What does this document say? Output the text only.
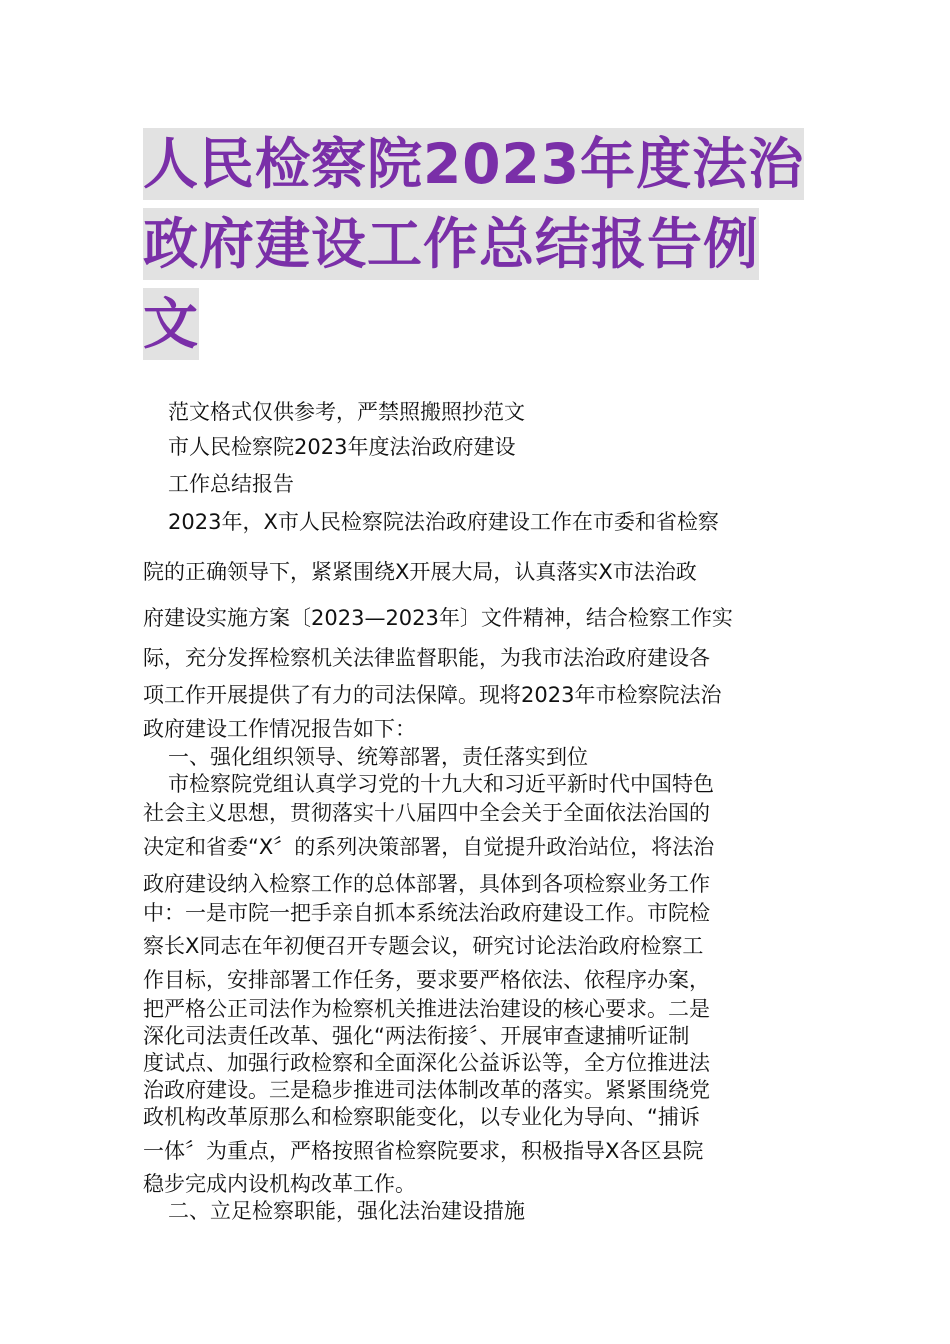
人民检察院2023年度法治
政府建设工作总结报告例
文
范文格式仅供参考，严禁照搬照抄范文
市人民检察院2023年度法治政府建设
工作总结报告
2023年，X市人民检察院法治政府建设工作在市委和省检察
院的正确领导下，紧紧围绕X开展大局，认真落实X市法治政
府建设实施方案〔2023—2023年〕文件精神，结合检察工作实
际，充分发挥检察机关法律监督职能，为我市法治政府建设各
项工作开展提供了有力的司法保障。现将2023年市检察院法治
政府建设工作情况报告如下：
一、强化组织领导、统筹部署，责任落实到位
市检察院党组认真学习党的十九大和习近平新时代中国特色
社会主义思想，贯彻落实十八届四中全会关于全面依法治国的
决定和省委“X〞的系列决策部署，自觉提升政治站位，将法治
政府建设纳入检察工作的总体部署，具体到各项检察业务工作
中：一是市院一把手亲自抓本系统法治政府建设工作。市院检
察长X同志在年初便召开专题会议，研究讨论法治政府检察工
作目标，安排部署工作任务，要求要严格依法、依程序办案，
把严格公正司法作为检察机关推进法治建设的核心要求。二是
深化司法责任改革、强化“两法衔接〞、开展审查逮捕听证制
度试点、加强行政检察和全面深化公益诉讼等，全方位推进法
治政府建设。三是稳步推进司法体制改革的落实。紧紧围绕党
政机构改革原那么和检察职能变化，以专业化为导向、“捕诉
一体〞为重点，严格按照省检察院要求，积极指导X各区县院
稳步完成内设机构改革工作。
二、立足检察职能，强化法治建设措施
